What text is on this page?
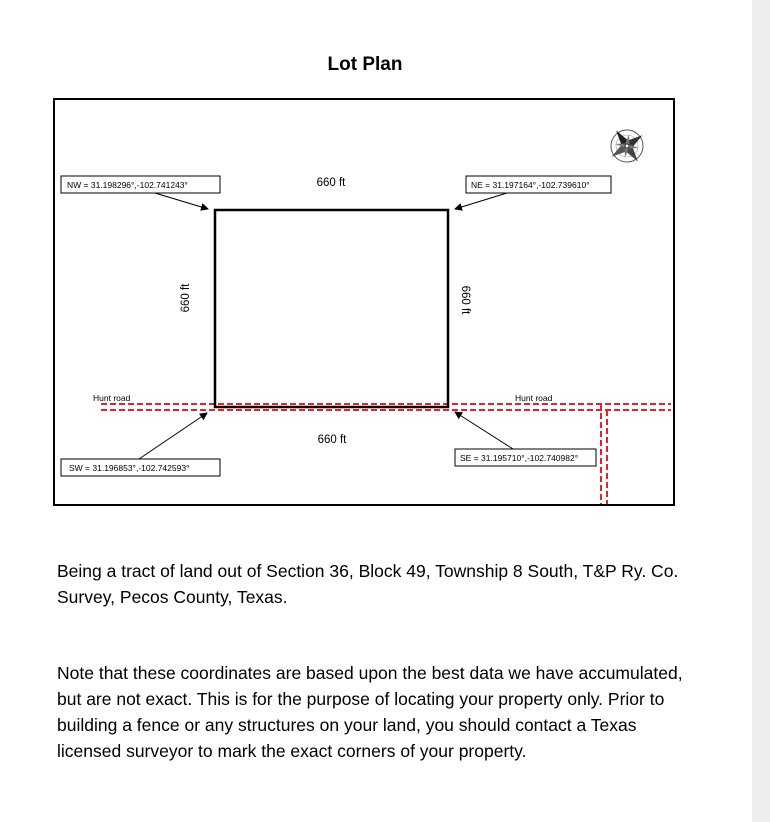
Lot Plan
NW = 31.198296°,-102.741243°	NE = 31.197164°,-102.739610°
SW = 31.196853°,-102.742593°
SE = 31.195710°,-102.740982°
660 ft
660 ft
660 ft	660 ft
Hunt road	Hunt road

Being a tract of land out of Section 36, Block 49, Township 8 South, T&P Ry. Co. Survey, Pecos County, Texas.

Note that these coordinates are based upon the best data we have accumulated, but are not exact. This is for the purpose of locating your property only. Prior to building a fence or any structures on your land, you should contact a Texas licensed surveyor to mark the exact corners of your property.
